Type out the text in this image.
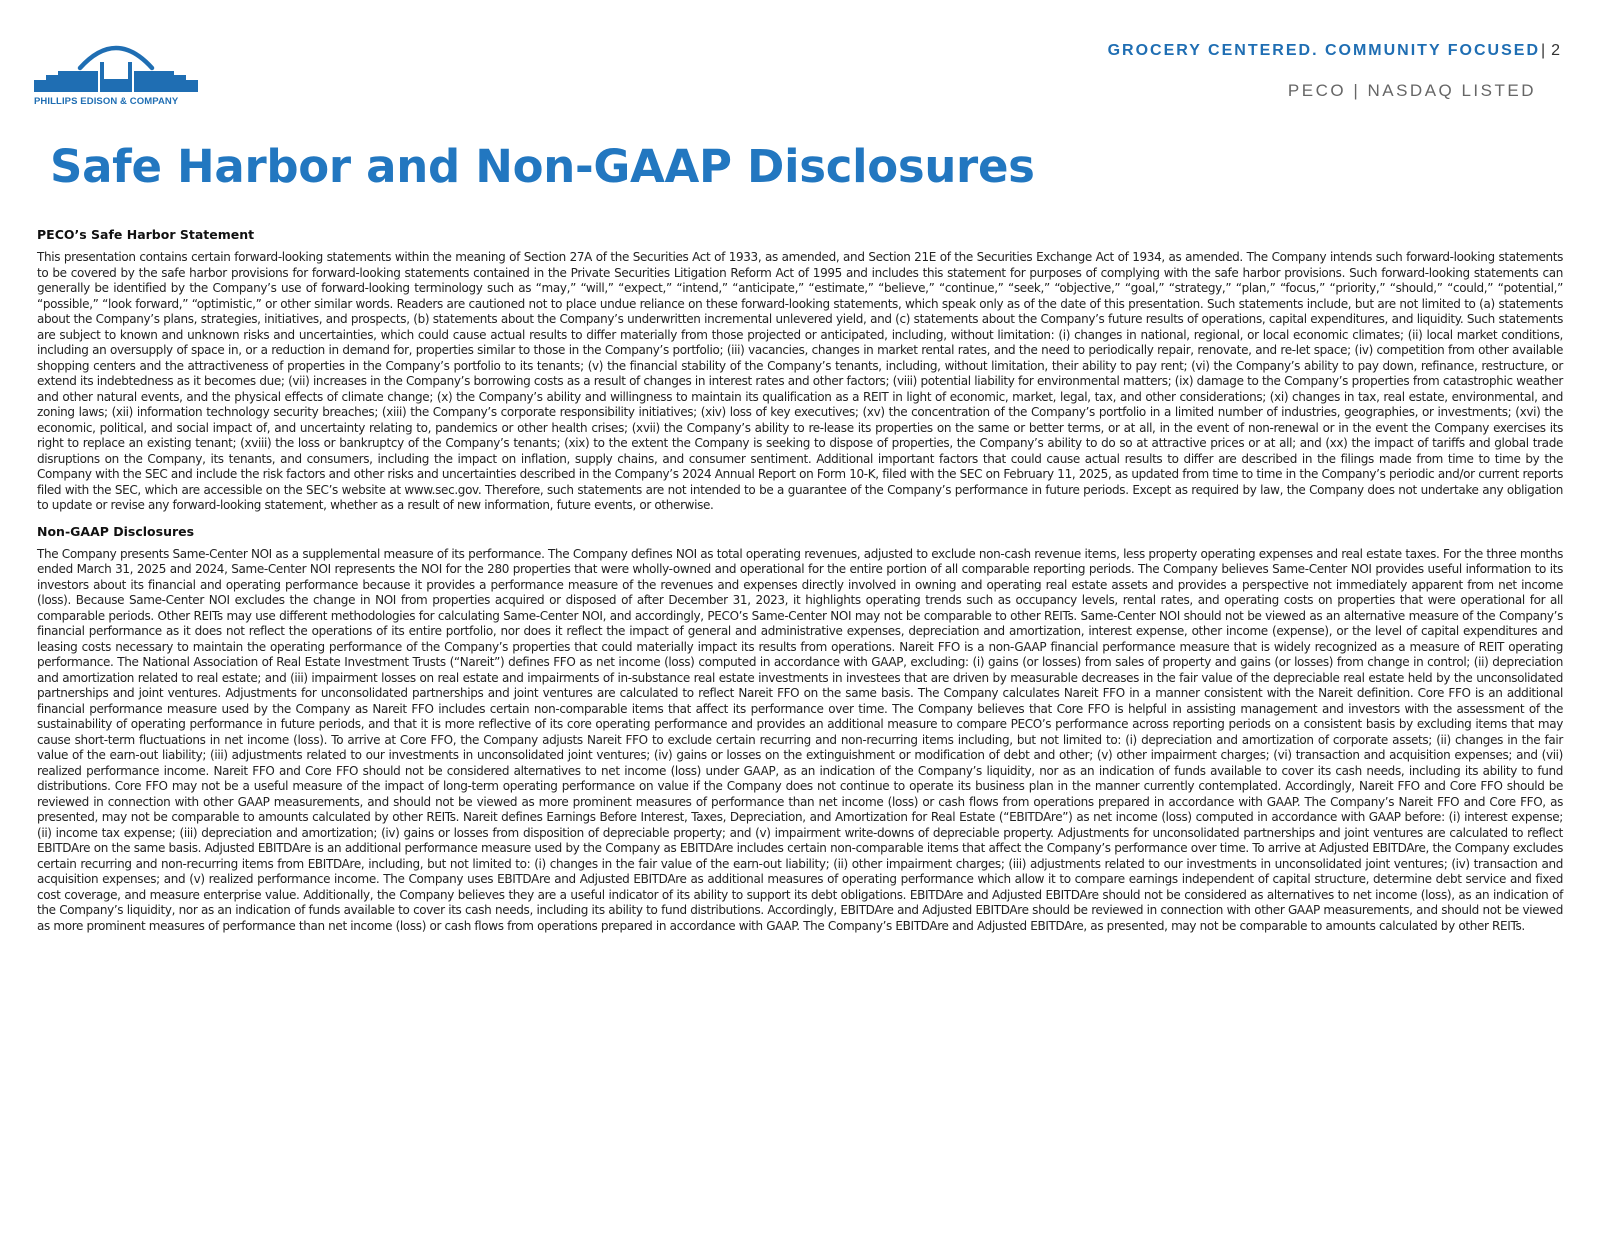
PHILLIPS EDISON & COMPANY
GROCERY CENTERED. COMMUNITY FOCUSED | 2
PECO | NASDAQ LISTED
Safe Harbor and Non-GAAP Disclosures
PECO’s Safe Harbor Statement

This presentation contains certain forward-looking statements within the meaning of Section 27A of the Securities Act of 1933, as amended, and Section 21E of the Securities Exchange Act of 1934, as amended. The Company intends such forward-looking statements to be covered by the safe harbor provisions for forward-looking statements contained in the Private Securities Litigation Reform Act of 1995 and includes this statement for purposes of complying with the safe harbor provisions. Such forward-looking statements can generally be identified by the Company’s use of forward-looking terminology such as “may,” “will,” “expect,” “intend,” “anticipate,” “estimate,” “believe,” “continue,” “seek,” “objective,” “goal,” “strategy,” “plan,” “focus,” “priority,” “should,” “could,” “potential,” “possible,” “look forward,” “optimistic,” or other similar words. Readers are cautioned not to place undue reliance on these forward-looking statements, which speak only as of the date of this presentation. Such statements include, but are not limited to (a) statements about the Company’s plans, strategies, initiatives, and prospects, (b) statements about the Company’s underwritten incremental unlevered yield, and (c) statements about the Company’s future results of operations, capital expenditures, and liquidity. Such statements are subject to known and unknown risks and uncertainties, which could cause actual results to differ materially from those projected or anticipated, including, without limitation: (i) changes in national, regional, or local economic climates; (ii) local market conditions, including an oversupply of space in, or a reduction in demand for, properties similar to those in the Company’s portfolio; (iii) vacancies, changes in market rental rates, and the need to periodically repair, renovate, and re-let space; (iv) competition from other available shopping centers and the attractiveness of properties in the Company’s portfolio to its tenants; (v) the financial stability of the Company’s tenants, including, without limitation, their ability to pay rent; (vi) the Company’s ability to pay down, refinance, restructure, or extend its indebtedness as it becomes due; (vii) increases in the Company’s borrowing costs as a result of changes in interest rates and other factors; (viii) potential liability for environmental matters; (ix) damage to the Company’s properties from catastrophic weather and other natural events, and the physical effects of climate change; (x) the Company’s ability and willingness to maintain its qualification as a REIT in light of economic, market, legal, tax, and other considerations; (xi) changes in tax, real estate, environmental, and zoning laws; (xii) information technology security breaches; (xiii) the Company’s corporate responsibility initiatives; (xiv) loss of key executives; (xv) the concentration of the Company’s portfolio in a limited number of industries, geographies, or investments; (xvi) the economic, political, and social impact of, and uncertainty relating to, pandemics or other health crises; (xvii) the Company’s ability to re-lease its properties on the same or better terms, or at all, in the event of non-renewal or in the event the Company exercises its right to replace an existing tenant; (xviii) the loss or bankruptcy of the Company’s tenants; (xix) to the extent the Company is seeking to dispose of properties, the Company’s ability to do so at attractive prices or at all; and (xx) the impact of tariffs and global trade disruptions on the Company, its tenants, and consumers, including the impact on inflation, supply chains, and consumer sentiment. Additional important factors that could cause actual results to differ are described in the filings made from time to time by the Company with the SEC and include the risk factors and other risks and uncertainties described in the Company’s 2024 Annual Report on Form 10-K, filed with the SEC on February 11, 2025, as updated from time to time in the Company’s periodic and/or current reports filed with the SEC, which are accessible on the SEC’s website at www.sec.gov. Therefore, such statements are not intended to be a guarantee of the Company’s performance in future periods. Except as required by law, the Company does not undertake any obligation to update or revise any forward-looking statement, whether as a result of new information, future events, or otherwise.

Non-GAAP Disclosures

The Company presents Same-Center NOI as a supplemental measure of its performance. The Company defines NOI as total operating revenues, adjusted to exclude non-cash revenue items, less property operating expenses and real estate taxes. For the three months ended March 31, 2025 and 2024, Same-Center NOI represents the NOI for the 280 properties that were wholly-owned and operational for the entire portion of all comparable reporting periods. The Company believes Same-Center NOI provides useful information to its investors about its financial and operating performance because it provides a performance measure of the revenues and expenses directly involved in owning and operating real estate assets and provides a perspective not immediately apparent from net income (loss). Because Same-Center NOI excludes the change in NOI from properties acquired or disposed of after December 31, 2023, it highlights operating trends such as occupancy levels, rental rates, and operating costs on properties that were operational for all comparable periods. Other REITs may use different methodologies for calculating Same-Center NOI, and accordingly, PECO’s Same-Center NOI may not be comparable to other REITs. Same-Center NOI should not be viewed as an alternative measure of the Company’s financial performance as it does not reflect the operations of its entire portfolio, nor does it reflect the impact of general and administrative expenses, depreciation and amortization, interest expense, other income (expense), or the level of capital expenditures and leasing costs necessary to maintain the operating performance of the Company’s properties that could materially impact its results from operations. Nareit FFO is a non-GAAP financial performance measure that is widely recognized as a measure of REIT operating performance. The National Association of Real Estate Investment Trusts (“Nareit”) defines FFO as net income (loss) computed in accordance with GAAP, excluding: (i) gains (or losses) from sales of property and gains (or losses) from change in control; (ii) depreciation and amortization related to real estate; and (iii) impairment losses on real estate and impairments of in-substance real estate investments in investees that are driven by measurable decreases in the fair value of the depreciable real estate held by the unconsolidated partnerships and joint ventures. Adjustments for unconsolidated partnerships and joint ventures are calculated to reflect Nareit FFO on the same basis. The Company calculates Nareit FFO in a manner consistent with the Nareit definition. Core FFO is an additional financial performance measure used by the Company as Nareit FFO includes certain non-comparable items that affect its performance over time. The Company believes that Core FFO is helpful in assisting management and investors with the assessment of the sustainability of operating performance in future periods, and that it is more reflective of its core operating performance and provides an additional measure to compare PECO’s performance across reporting periods on a consistent basis by excluding items that may cause short-term fluctuations in net income (loss). To arrive at Core FFO, the Company adjusts Nareit FFO to exclude certain recurring and non-recurring items including, but not limited to: (i) depreciation and amortization of corporate assets; (ii) changes in the fair value of the earn-out liability; (iii) adjustments related to our investments in unconsolidated joint ventures; (iv) gains or losses on the extinguishment or modification of debt and other; (v) other impairment charges; (vi) transaction and acquisition expenses; and (vii) realized performance income. Nareit FFO and Core FFO should not be considered alternatives to net income (loss) under GAAP, as an indication of the Company’s liquidity, nor as an indication of funds available to cover its cash needs, including its ability to fund distributions. Core FFO may not be a useful measure of the impact of long-term operating performance on value if the Company does not continue to operate its business plan in the manner currently contemplated. Accordingly, Nareit FFO and Core FFO should be reviewed in connection with other GAAP measurements, and should not be viewed as more prominent measures of performance than net income (loss) or cash flows from operations prepared in accordance with GAAP. The Company’s Nareit FFO and Core FFO, as presented, may not be comparable to amounts calculated by other REITs. Nareit defines Earnings Before Interest, Taxes, Depreciation, and Amortization for Real Estate (“EBITDAre”) as net income (loss) computed in accordance with GAAP before: (i) interest expense; (ii) income tax expense; (iii) depreciation and amortization; (iv) gains or losses from disposition of depreciable property; and (v) impairment write-downs of depreciable property. Adjustments for unconsolidated partnerships and joint ventures are calculated to reflect EBITDAre on the same basis. Adjusted EBITDAre is an additional performance measure used by the Company as EBITDAre includes certain non-comparable items that affect the Company’s performance over time. To arrive at Adjusted EBITDAre, the Company excludes certain recurring and non-recurring items from EBITDAre, including, but not limited to: (i) changes in the fair value of the earn-out liability; (ii) other impairment charges; (iii) adjustments related to our investments in unconsolidated joint ventures; (iv) transaction and acquisition expenses; and (v) realized performance income. The Company uses EBITDAre and Adjusted EBITDAre as additional measures of operating performance which allow it to compare earnings independent of capital structure, determine debt service and fixed cost coverage, and measure enterprise value. Additionally, the Company believes they are a useful indicator of its ability to support its debt obligations. EBITDAre and Adjusted EBITDAre should not be considered as alternatives to net income (loss), as an indication of the Company’s liquidity, nor as an indication of funds available to cover its cash needs, including its ability to fund distributions. Accordingly, EBITDAre and Adjusted EBITDAre should be reviewed in connection with other GAAP measurements, and should not be viewed as more prominent measures of performance than net income (loss) or cash flows from operations prepared in accordance with GAAP. The Company’s EBITDAre and Adjusted EBITDAre, as presented, may not be comparable to amounts calculated by other REITs.
